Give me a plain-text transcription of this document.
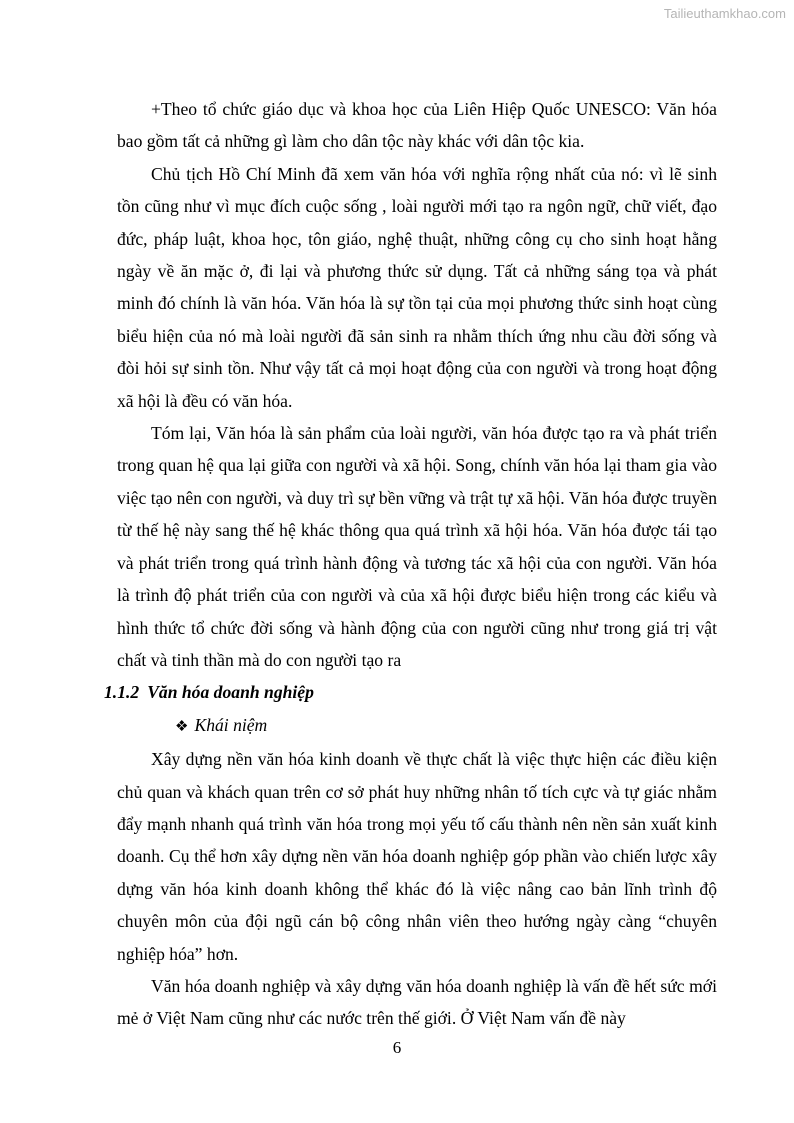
Tailieuthamkhao.com

+Theo tổ chức giáo dục và khoa học của Liên Hiệp Quốc UNESCO: Văn hóa bao gồm tất cả những gì làm cho dân tộc này khác với dân tộc kia.

Chủ tịch Hồ Chí Minh đã xem văn hóa với nghĩa rộng nhất của nó: vì lẽ sinh tồn cũng như vì mục đích cuộc sống , loài người mới tạo ra ngôn ngữ, chữ viết, đạo đức, pháp luật, khoa học, tôn giáo, nghệ thuật, những công cụ cho sinh hoạt hằng ngày về ăn mặc ở, đi lại và phương thức sử dụng. Tất cả những sáng tọa và phát minh đó chính là văn hóa. Văn hóa là sự tồn tại của mọi phương thức sinh hoạt cùng biểu hiện của nó mà loài người đã sản sinh ra nhằm thích ứng nhu cầu đời sống và đòi hỏi sự sinh tồn. Như vậy tất cả mọi hoạt động của con người và trong hoạt động xã hội là đều có văn hóa.

Tóm lại, Văn hóa là sản phẩm của loài người, văn hóa được tạo ra và phát triển trong quan hệ qua lại giữa con người và xã hội. Song, chính văn hóa lại tham gia vào việc tạo nên con người, và duy trì sự bền vững và trật tự xã hội. Văn hóa được truyền từ thế hệ này sang thế hệ khác thông qua quá trình xã hội hóa. Văn hóa được tái tạo và phát triển trong quá trình hành động và tương tác xã hội của con người. Văn hóa là trình độ phát triển của con người và của xã hội được biểu hiện trong các kiểu và hình thức tổ chức đời sống và hành động của con người cũng như trong giá trị vật chất và tinh thần mà do con người tạo ra

1.1.2 Văn hóa doanh nghiệp

❖ Khái niệm

Xây dựng nền văn hóa kinh doanh về thực chất là việc thực hiện các điều kiện chủ quan và khách quan trên cơ sở phát huy những nhân tố tích cực và tự giác nhằm đẩy mạnh nhanh quá trình văn hóa trong mọi yếu tố cấu thành nên nền sản xuất kinh doanh. Cụ thể hơn xây dựng nền văn hóa doanh nghiệp góp phần vào chiến lược xây dựng văn hóa kinh doanh không thể khác đó là việc nâng cao bản lĩnh trình độ chuyên môn của đội ngũ cán bộ công nhân viên theo hướng ngày càng “chuyên nghiệp hóa” hơn.

Văn hóa doanh nghiệp và xây dựng văn hóa doanh nghiệp là vấn đề hết sức mới mẻ ở Việt Nam cũng như các nước trên thế giới. Ở Việt Nam vấn đề này

6
